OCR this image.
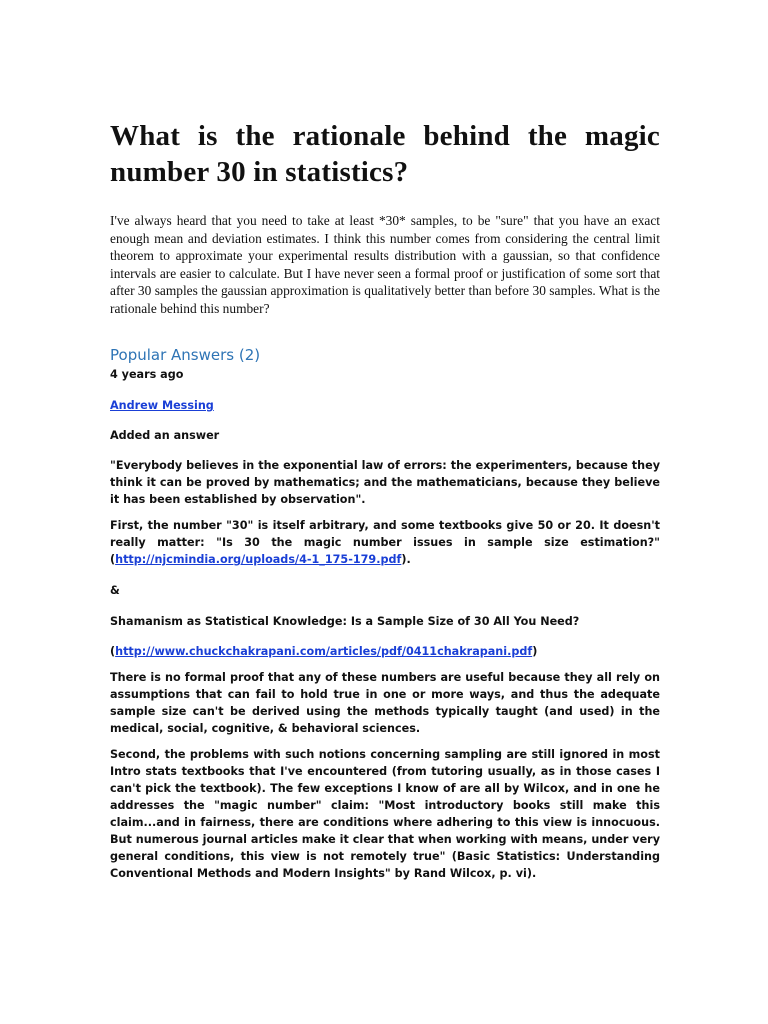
What is the rationale behind the magic number 30 in statistics?

I've always heard that you need to take at least *30* samples, to be "sure" that you have an exact enough mean and deviation estimates. I think this number comes from considering the central limit theorem to approximate your experimental results distribution with a gaussian, so that confidence intervals are easier to calculate. But I have never seen a formal proof or justification of some sort that after 30 samples the gaussian approximation is qualitatively better than before 30 samples. What is the rationale behind this number?

Popular Answers (2)

4 years ago

Andrew Messing

Added an answer

"Everybody believes in the exponential law of errors: the experimenters, because they think it can be proved by mathematics; and the mathematicians, because they believe it has been established by observation".

First, the number "30" is itself arbitrary, and some textbooks give 50 or 20. It doesn't really matter: "Is 30 the magic number issues in sample size estimation?" (http://njcmindia.org/uploads/4-1_175-179.pdf).

&

Shamanism as Statistical Knowledge: Is a Sample Size of 30 All You Need?

(http://www.chuckchakrapani.com/articles/pdf/0411chakrapani.pdf)

There is no formal proof that any of these numbers are useful because they all rely on assumptions that can fail to hold true in one or more ways, and thus the adequate sample size can't be derived using the methods typically taught (and used) in the medical, social, cognitive, & behavioral sciences.

Second, the problems with such notions concerning sampling are still ignored in most Intro stats textbooks that I've encountered (from tutoring usually, as in those cases I can't pick the textbook). The few exceptions I know of are all by Wilcox, and in one he addresses the "magic number" claim: "Most introductory books still make this claim...and in fairness, there are conditions where adhering to this view is innocuous. But numerous journal articles make it clear that when working with means, under very general conditions, this view is not remotely true" (Basic Statistics: Understanding Conventional Methods and Modern Insights" by Rand Wilcox, p. vi).
